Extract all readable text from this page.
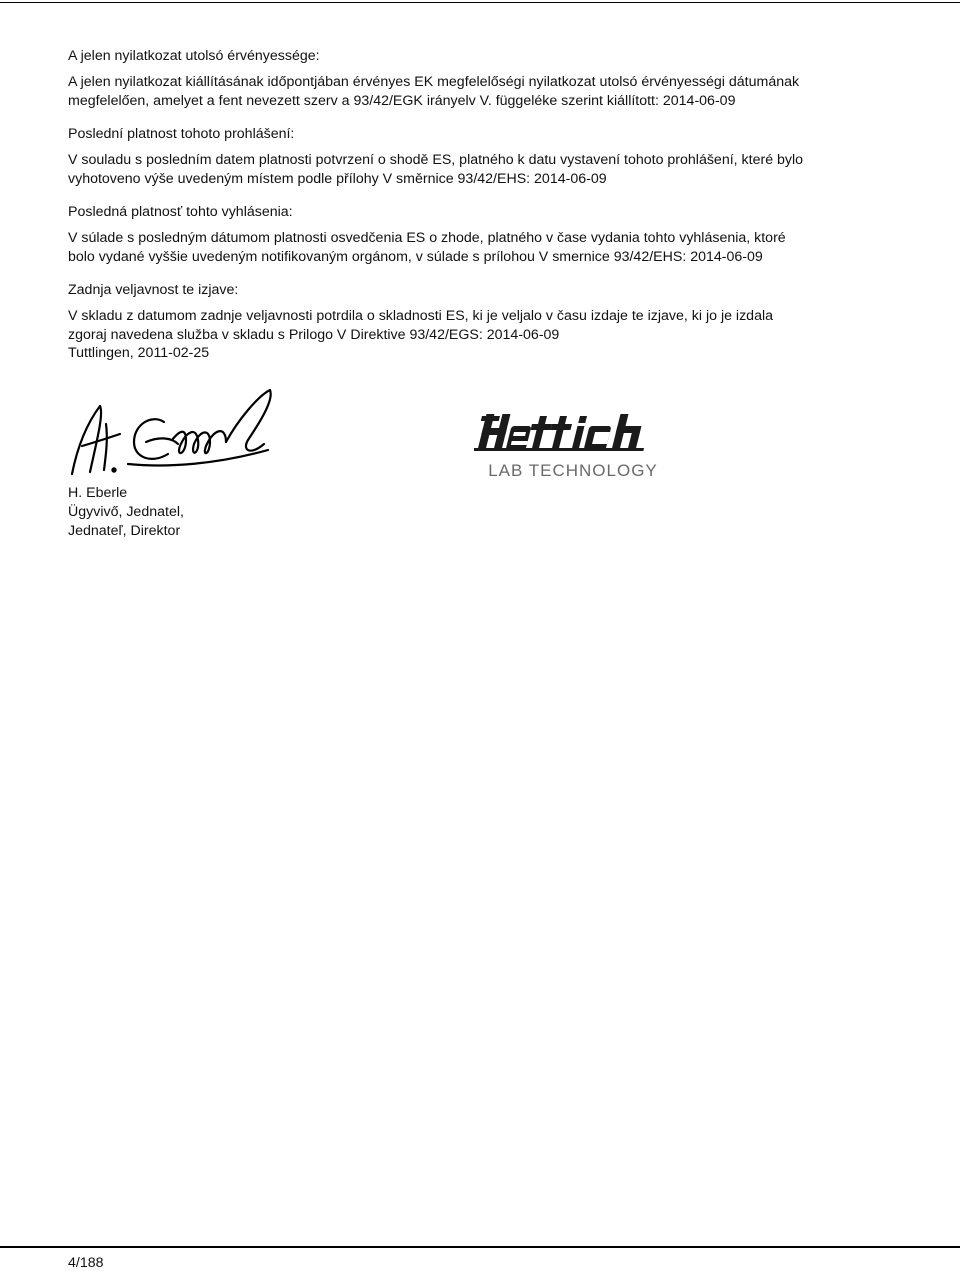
A jelen nyilatkozat utolsó érvényessége:

A jelen nyilatkozat kiállításának időpontjában érvényes EK megfelelőségi nyilatkozat utolsó érvényességi dátumának

megfelelően, amelyet a fent nevezett szerv a 93/42/EGK irányelv V. függeléke szerint kiállított: 2014-06-09

Poslední platnost tohoto prohlášení:

V souladu s posledním datem platnosti potvrzení o shodě ES, platného k datu vystavení tohoto prohlášení, které bylo

vyhotoveno výše uvedeným místem podle přílohy V směrnice 93/42/EHS: 2014-06-09

Posledná platnosť tohto vyhlásenia:

V súlade s posledným dátumom platnosti osvedčenia ES o zhode, platného v čase vydania tohto vyhlásenia, ktoré

bolo vydané vyššie uvedeným notifikovaným orgánom, v súlade s prílohou V smernice 93/42/EHS: 2014-06-09

Zadnja veljavnost te izjave:

V skladu z datumom zadnje veljavnosti potrdila o skladnosti ES, ki je veljalo v času izdaje te izjave, ki jo je izdala

zgoraj navedena služba v skladu s Prilogo V Direktive 93/42/EGS: 2014-06-09

Tuttlingen, 2011-02-25

H. Eberle

Ügyvivő, Jednatel,

Jednateľ, Direktor

LAB TECHNOLOGY
4/188
